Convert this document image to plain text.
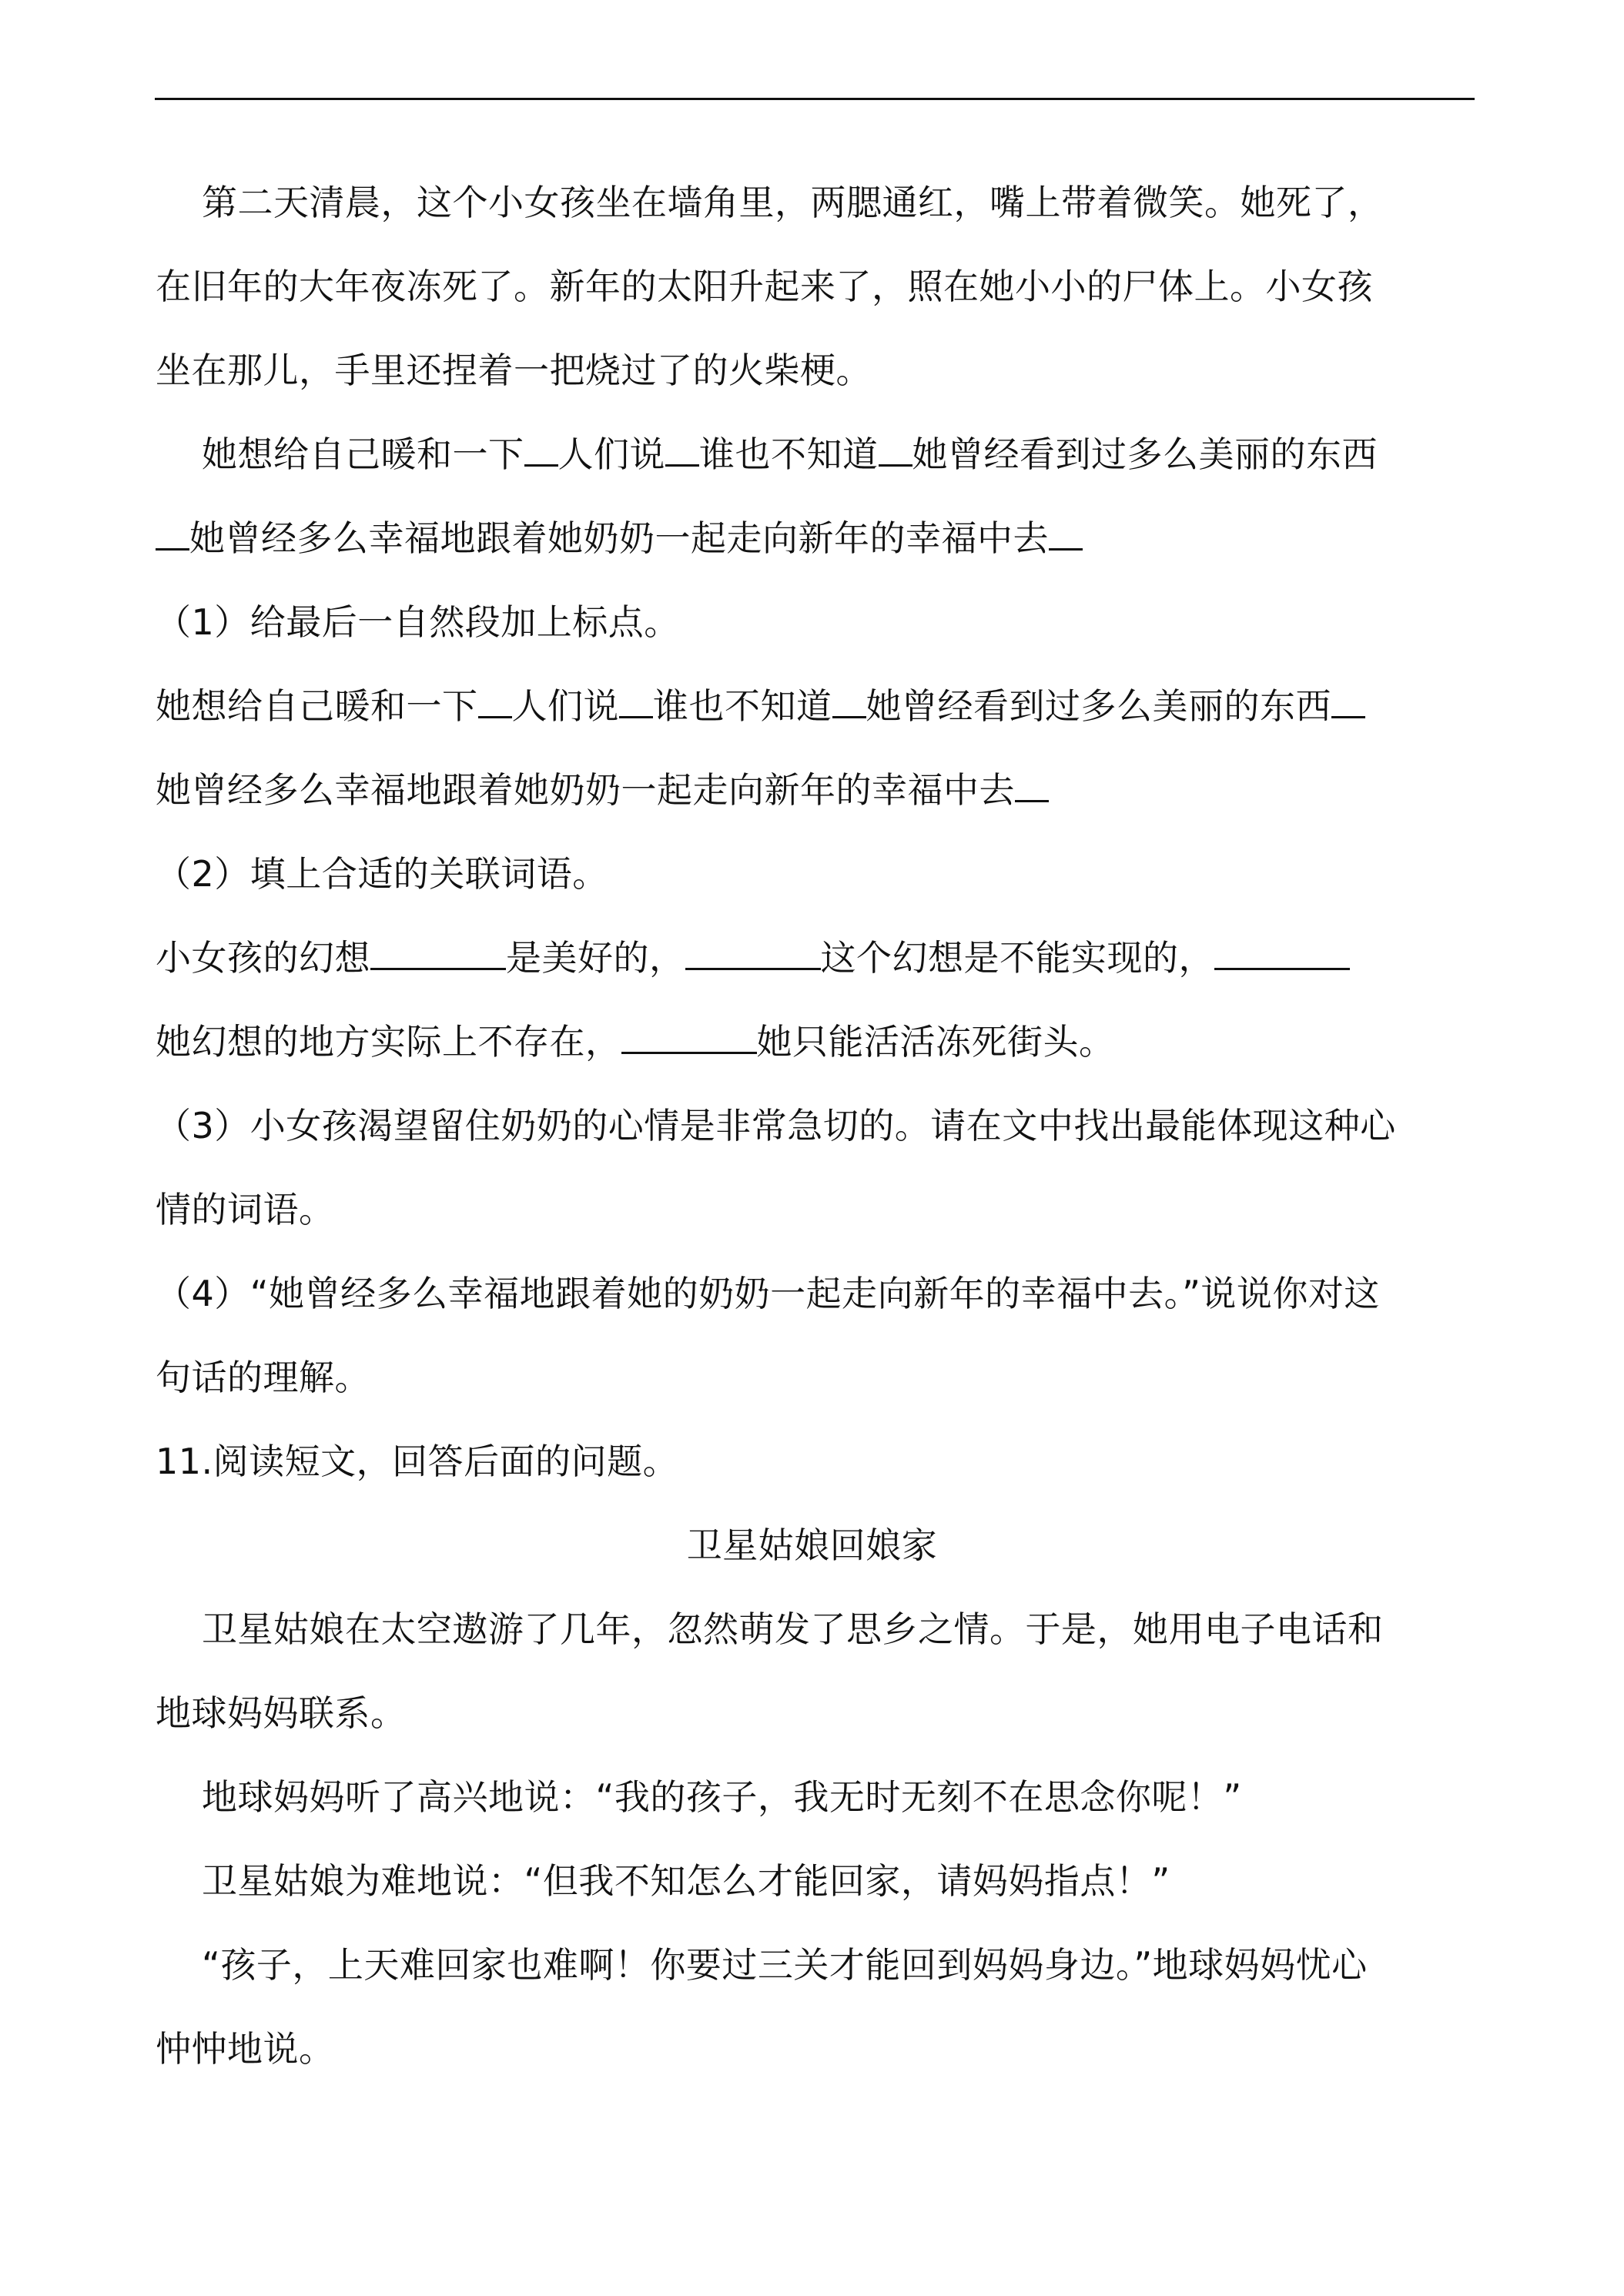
第二天清晨，这个小女孩坐在墙角里，两腮通红，嘴上带着微笑。她死了，
在旧年的大年夜冻死了。新年的太阳升起来了，照在她小小的尸体上。小女孩
坐在那儿，手里还捏着一把烧过了的火柴梗。
她想给自己暖和一下 人们说 谁也不知道 她曾经看到过多么美丽的东西
她曾经多么幸福地跟着她奶奶一起走向新年的幸福中去
（1）给最后一自然段加上标点。
她想给自己暖和一下 人们说 谁也不知道 她曾经看到过多么美丽的东西
她曾经多么幸福地跟着她奶奶一起走向新年的幸福中去
（2）填上合适的关联词语。
小女孩的幻想	是美好的，	这个幻想是不能实现的，
她幻想的地方实际上不存在，	她只能活活冻死街头。
（3）小女孩渴望留住奶奶的心情是非常急切的。请在文中找出最能体现这种心
情的词语。
（4）“她曾经多么幸福地跟着她的奶奶一起走向新年的幸福中去。”说说你对这
句话的理解。
11.阅读短文，回答后面的问题。
卫星姑娘回娘家
卫星姑娘在太空遨游了几年，忽然萌发了思乡之情。于是，她用电子电话和
地球妈妈联系。
地球妈妈听了高兴地说：“我的孩子，我无时无刻不在思念你呢！”
卫星姑娘为难地说：“但我不知怎么才能回家，请妈妈指点！”
“孩子，上天难回家也难啊！你要过三关才能回到妈妈身边。”地球妈妈忧心
忡忡地说。
